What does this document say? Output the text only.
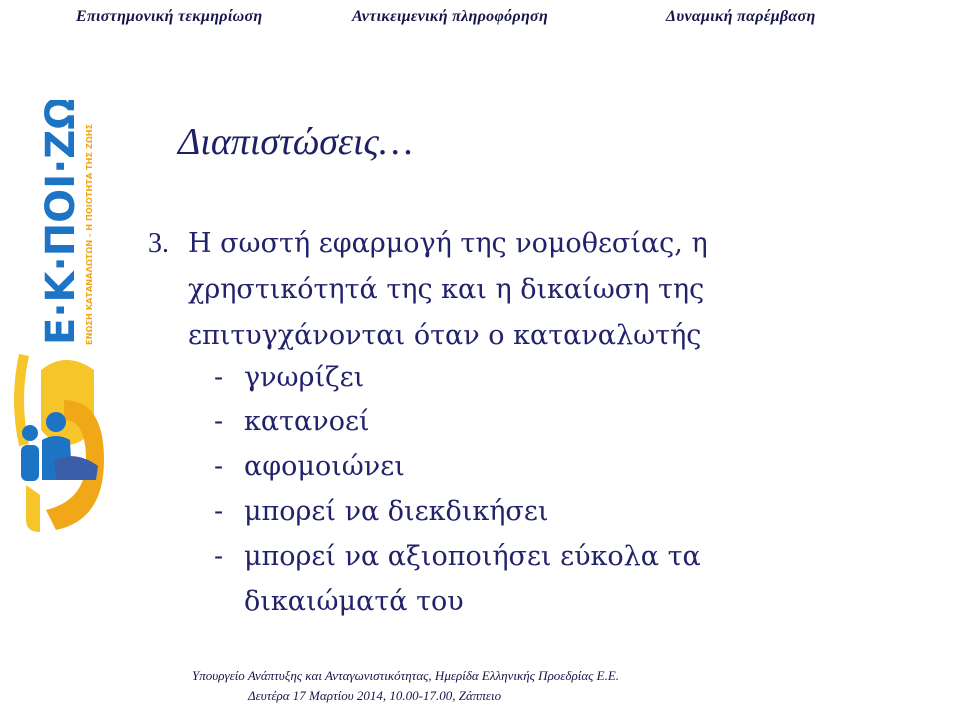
Επιστημονική τεκμηρίωση	Αντικειμενική πληροφόρηση	Δυναμική παρέμβαση
Ε·Κ·ΠΟΙ·ΖΩ ΕΝΩΣΗ ΚΑΤΑΝΑΛΩΤΩΝ - Η ΠΟΙΟΤΗΤΑ ΤΗΣ ΖΩΗΣ Διαπιστώσεις…
3. Η σωστή εφαρμογή της νομοθεσίας, η
χρηστικότητά της και η δικαίωση της
επιτυγχάνονται όταν ο καταναλωτής
- γνωρίζει
- κατανοεί
- αφομοιώνει
- μπορεί να διεκδικήσει
- μπορεί να αξιοποιήσει εύκολα τα
δικαιώματά του
Υπουργείο Ανάπτυξης και Ανταγωνιστικότητας, Ημερίδα Ελληνικής Προεδρίας Ε.Ε.
Δευτέρα 17 Μαρτίου 2014, 10.00-17.00, Ζάππειο
